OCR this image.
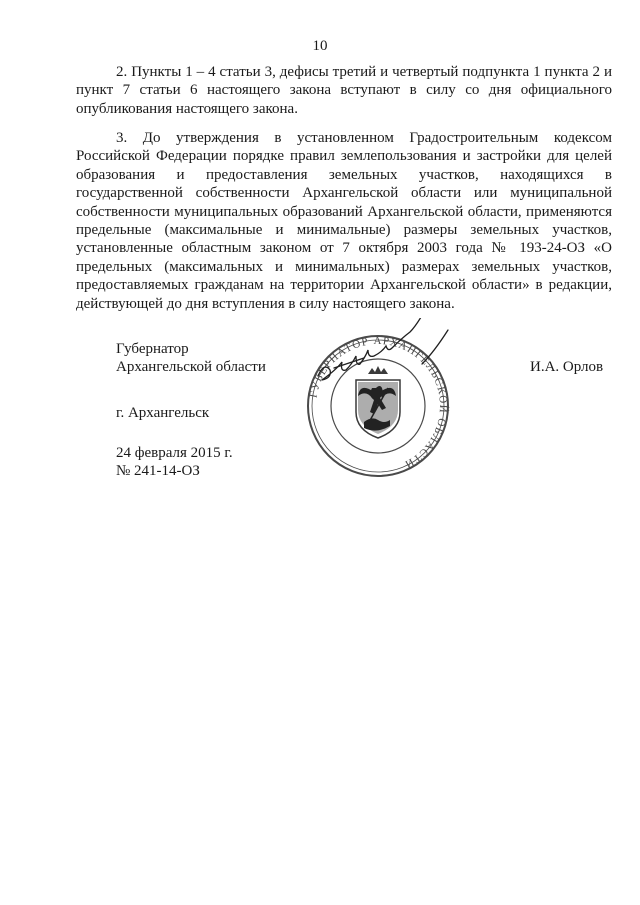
10

2. Пункты 1 – 4 статьи 3, дефисы третий и четвертый подпункта 1 пункта 2 и пункт 7 статьи 6 настоящего закона вступают в силу со дня официального опубликования настоящего закона.

3. До утверждения в установленном Градостроительным кодексом Российской Федерации порядке правил землепользования и застройки для целей образования и предоставления земельных участков, находящихся в государственной собственности Архангельской области или муниципальной собственности муниципальных образований Архангельской области, применяются предельные (максимальные и минимальные) размеры земельных участков, установленные областным законом от 7 октября 2003 года № 193-24-ОЗ «О предельных (максимальных и минимальных) размерах земельных участков, предоставляемых гражданам на территории Архангельской области» в редакции, действующей до дня вступления в силу настоящего закона.

Губернатор
Архангельской области	И.А. Орлов
ГУБЕРНАТОР АРХАНГЕЛЬСКОЙ ОБЛАСТИ
г. Архангельск
24 февраля 2015 г.
№ 241-14-ОЗ
